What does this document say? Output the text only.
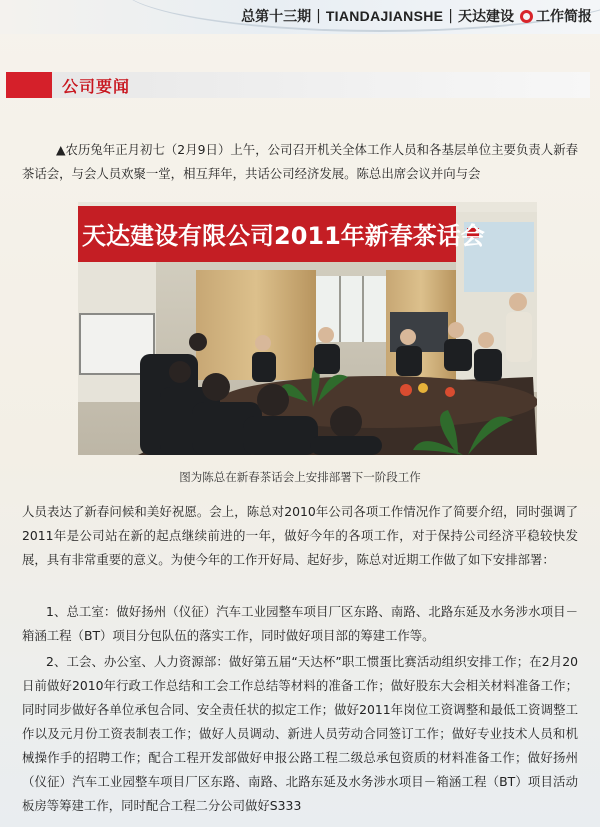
总第十三期 | TIANDAJIANSHE | 天达建设 工作简报
公司要闻

▲农历兔年正月初七（2月9日）上午，公司召开机关全体工作人员和各基层单位主要负责人新春茶话会，与会人员欢聚一堂，相互拜年，共话公司经济发展。陈总出席会议并向与会

天达建设有限公司2011年新春茶话会
图为陈总在新春茶话会上安排部署下一阶段工作

人员表达了新春问候和美好祝愿。会上，陈总对2010年公司各项工作情况作了简要介绍，同时强调了2011年是公司站在新的起点继续前进的一年，做好今年的各项工作，对于保持公司经济平稳较快发展，具有非常重要的意义。为使今年的工作开好局、起好步，陈总对近期工作做了如下安排部署：

1、总工室：做好扬州（仪征）汽车工业园整车项目厂区东路、南路、北路东延及水务涉水项目－箱涵工程（BT）项目分包队伍的落实工作，同时做好项目部的筹建工作等。

2、工会、办公室、人力资源部：做好第五届“天达杯”职工惯蛋比赛活动组织安排工作；在2月20日前做好2010年行政工作总结和工会工作总结等材料的准备工作；做好股东大会相关材料准备工作；同时同步做好各单位承包合同、安全责任状的拟定工作；做好2011年岗位工资调整和最低工资调整工作以及元月份工资表制表工作；做好人员调动、新进人员劳动合同签订工作；做好专业技术人员和机械操作手的招聘工作；配合工程开发部做好申报公路工程二级总承包资质的材料准备工作；做好扬州（仪征）汽车工业园整车项目厂区东路、南路、北路东延及水务涉水项目－箱涵工程（BT）项目活动板房等筹建工作，同时配合工程二分公司做好S333
